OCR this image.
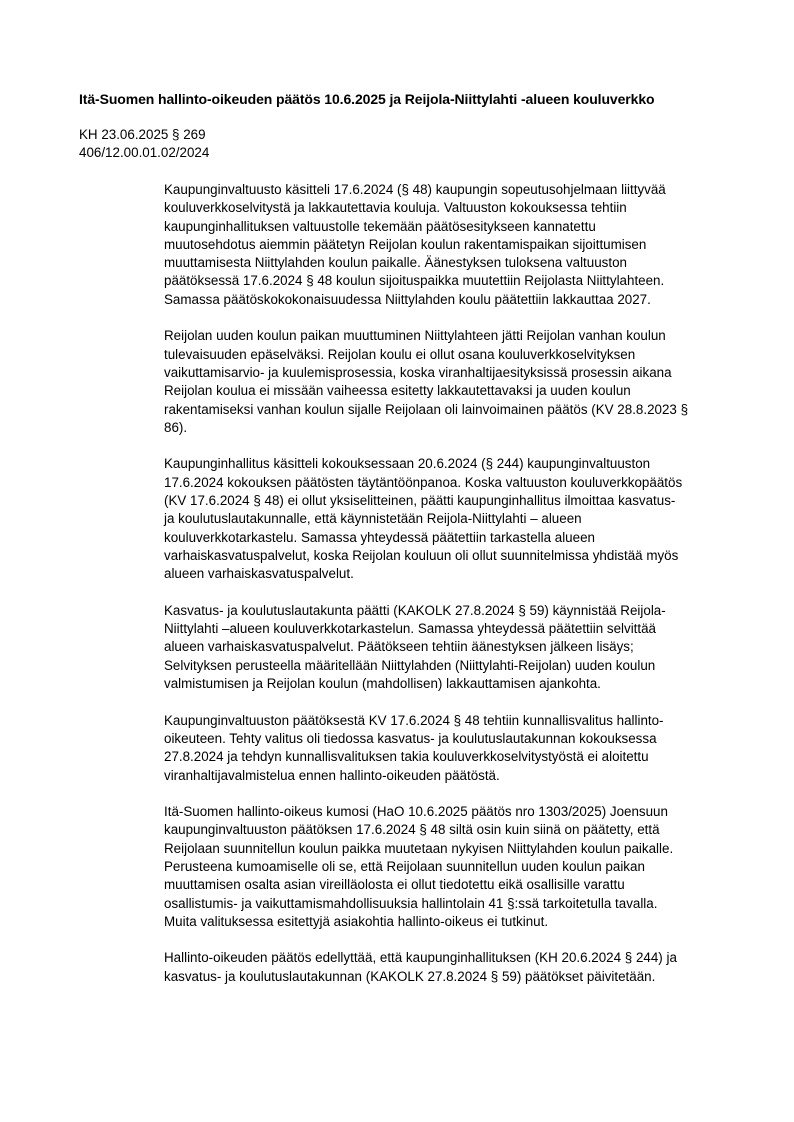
Itä-Suomen hallinto-oikeuden päätös 10.6.2025 ja Reijola-Niittylahti -alueen kouluverkko
KH 23.06.2025 § 269
406/12.00.01.02/2024
Kaupunginvaltuusto käsitteli 17.6.2024 (§ 48) kaupungin sopeutusohjelmaan liittyvää
kouluverkkoselvitystä ja lakkautettavia kouluja. Valtuuston kokouksessa tehtiin
kaupunginhallituksen valtuustolle tekemään päätösesitykseen kannatettu
muutosehdotus aiemmin päätetyn Reijolan koulun rakentamispaikan sijoittumisen
muuttamisesta Niittylahden koulun paikalle. Äänestyksen tuloksena valtuuston
päätöksessä 17.6.2024 § 48 koulun sijoituspaikka muutettiin Reijolasta Niittylahteen.
Samassa päätöskokokonaisuudessa Niittylahden koulu päätettiin lakkauttaa 2027.
Reijolan uuden koulun paikan muuttuminen Niittylahteen jätti Reijolan vanhan koulun
tulevaisuuden epäselväksi. Reijolan koulu ei ollut osana kouluverkkoselvityksen
vaikuttamisarvio- ja kuulemisprosessia, koska viranhaltijaesityksissä prosessin aikana
Reijolan koulua ei missään vaiheessa esitetty lakkautettavaksi ja uuden koulun
rakentamiseksi vanhan koulun sijalle Reijolaan oli lainvoimainen päätös (KV 28.8.2023 §
86).
Kaupunginhallitus käsitteli kokouksessaan 20.6.2024 (§ 244) kaupunginvaltuuston
17.6.2024 kokouksen päätösten täytäntöönpanoa. Koska valtuuston kouluverkkopäätös
(KV 17.6.2024 § 48) ei ollut yksiselitteinen, päätti kaupunginhallitus ilmoittaa kasvatus-
ja koulutuslautakunnalle, että käynnistetään Reijola-Niittylahti – alueen
kouluverkkotarkastelu. Samassa yhteydessä päätettiin tarkastella alueen
varhaiskasvatuspalvelut, koska Reijolan kouluun oli ollut suunnitelmissa yhdistää myös
alueen varhaiskasvatuspalvelut.
Kasvatus- ja koulutuslautakunta päätti (KAKOLK 27.8.2024 § 59) käynnistää Reijola-
Niittylahti –alueen kouluverkkotarkastelun. Samassa yhteydessä päätettiin selvittää
alueen varhaiskasvatuspalvelut. Päätökseen tehtiin äänestyksen jälkeen lisäys;
Selvityksen perusteella määritellään Niittylahden (Niittylahti-Reijolan) uuden koulun
valmistumisen ja Reijolan koulun (mahdollisen) lakkauttamisen ajankohta.
Kaupunginvaltuuston päätöksestä KV 17.6.2024 § 48 tehtiin kunnallisvalitus hallinto-
oikeuteen. Tehty valitus oli tiedossa kasvatus- ja koulutuslautakunnan kokouksessa
27.8.2024 ja tehdyn kunnallisvalituksen takia kouluverkkoselvitystyöstä ei aloitettu
viranhaltijavalmistelua ennen hallinto-oikeuden päätöstä.
Itä-Suomen hallinto-oikeus kumosi (HaO 10.6.2025 päätös nro 1303/2025) Joensuun
kaupunginvaltuuston päätöksen 17.6.2024 § 48 siltä osin kuin siinä on päätetty, että
Reijolaan suunnitellun koulun paikka muutetaan nykyisen Niittylahden koulun paikalle.
Perusteena kumoamiselle oli se, että Reijolaan suunnitellun uuden koulun paikan
muuttamisen osalta asian vireilläolosta ei ollut tiedotettu eikä osallisille varattu
osallistumis- ja vaikuttamismahdollisuuksia hallintolain 41 §:ssä tarkoitetulla tavalla.
Muita valituksessa esitettyjä asiakohtia hallinto-oikeus ei tutkinut.
Hallinto-oikeuden päätös edellyttää, että kaupunginhallituksen (KH 20.6.2024 § 244) ja
kasvatus- ja koulutuslautakunnan (KAKOLK 27.8.2024 § 59) päätökset päivitetään.
